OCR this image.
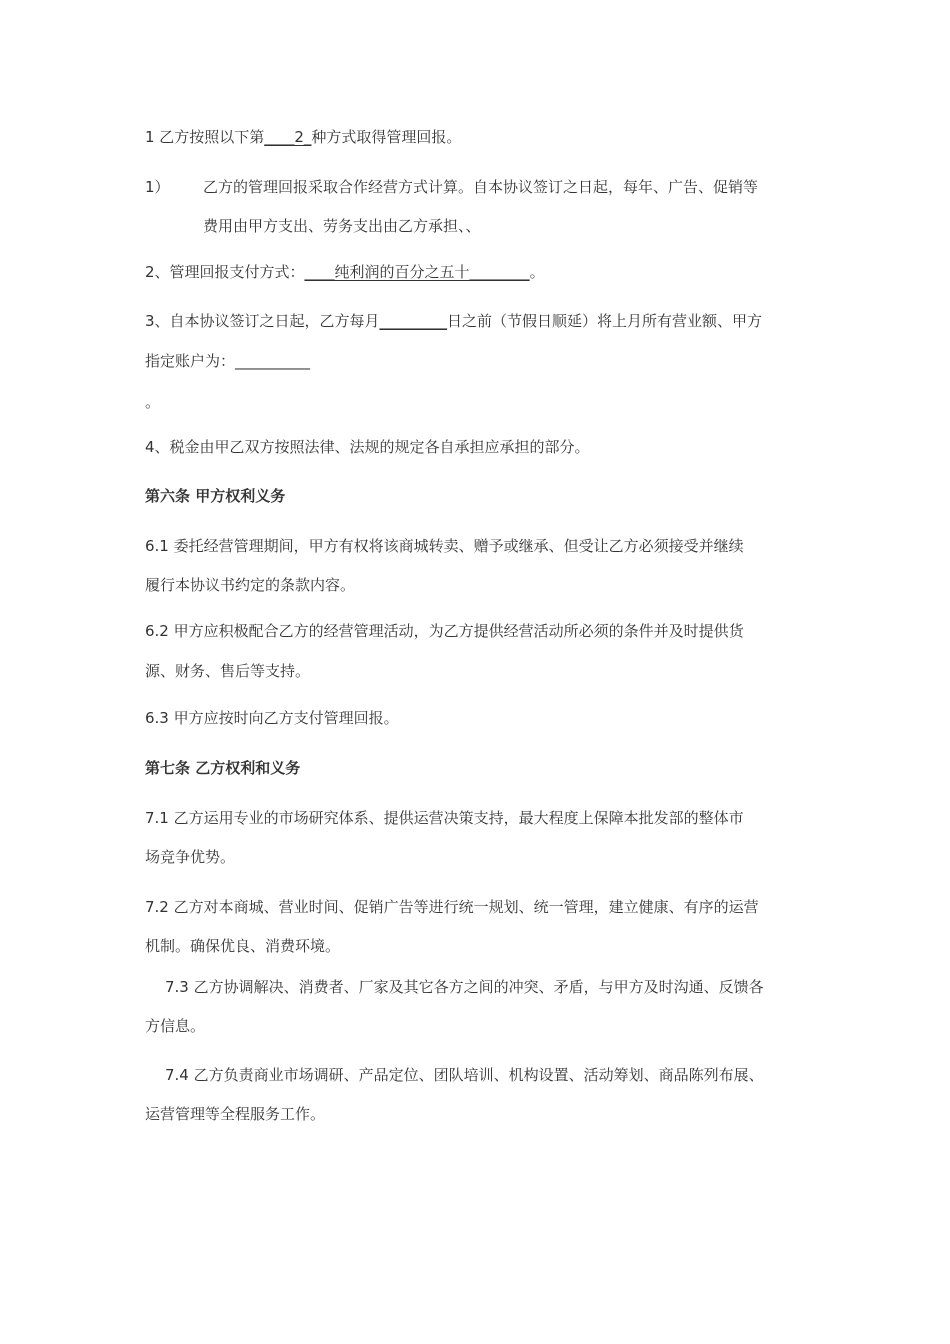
1 乙方按照以下第____2_种方式取得管理回报。
1） 乙方的管理回报采取合作经营方式计算。自本协议签订之日起，每年、广告、促销等
费用由甲方支出、劳务支出由乙方承担、、
2、管理回报支付方式：____纯利润的百分之五十________。
3、自本协议签订之日起，乙方每月_________日之前（节假日顺延）将上月所有营业额、甲方
指定账户为：__________
。
4、税金由甲乙双方按照法律、法规的规定各自承担应承担的部分。
第六条 甲方权利义务
6.1 委托经营管理期间，甲方有权将该商城转卖、赠予或继承、但受让乙方必须接受并继续
履行本协议书约定的条款内容。
6.2 甲方应积极配合乙方的经营管理活动，为乙方提供经营活动所必须的条件并及时提供货
源、财务、售后等支持。
6.3 甲方应按时向乙方支付管理回报。
第七条 乙方权利和义务
7.1 乙方运用专业的市场研究体系、提供运营决策支持，最大程度上保障本批发部的整体市
场竞争优势。
7.2 乙方对本商城、营业时间、促销广告等进行统一规划、统一管理，建立健康、有序的运营
机制。确保优良、消费环境。
7.3 乙方协调解决、消费者、厂家及其它各方之间的冲突、矛盾，与甲方及时沟通、反馈各
方信息。
7.4 乙方负责商业市场调研、产品定位、团队培训、机构设置、活动筹划、商品陈列布展、
运营管理等全程服务工作。
